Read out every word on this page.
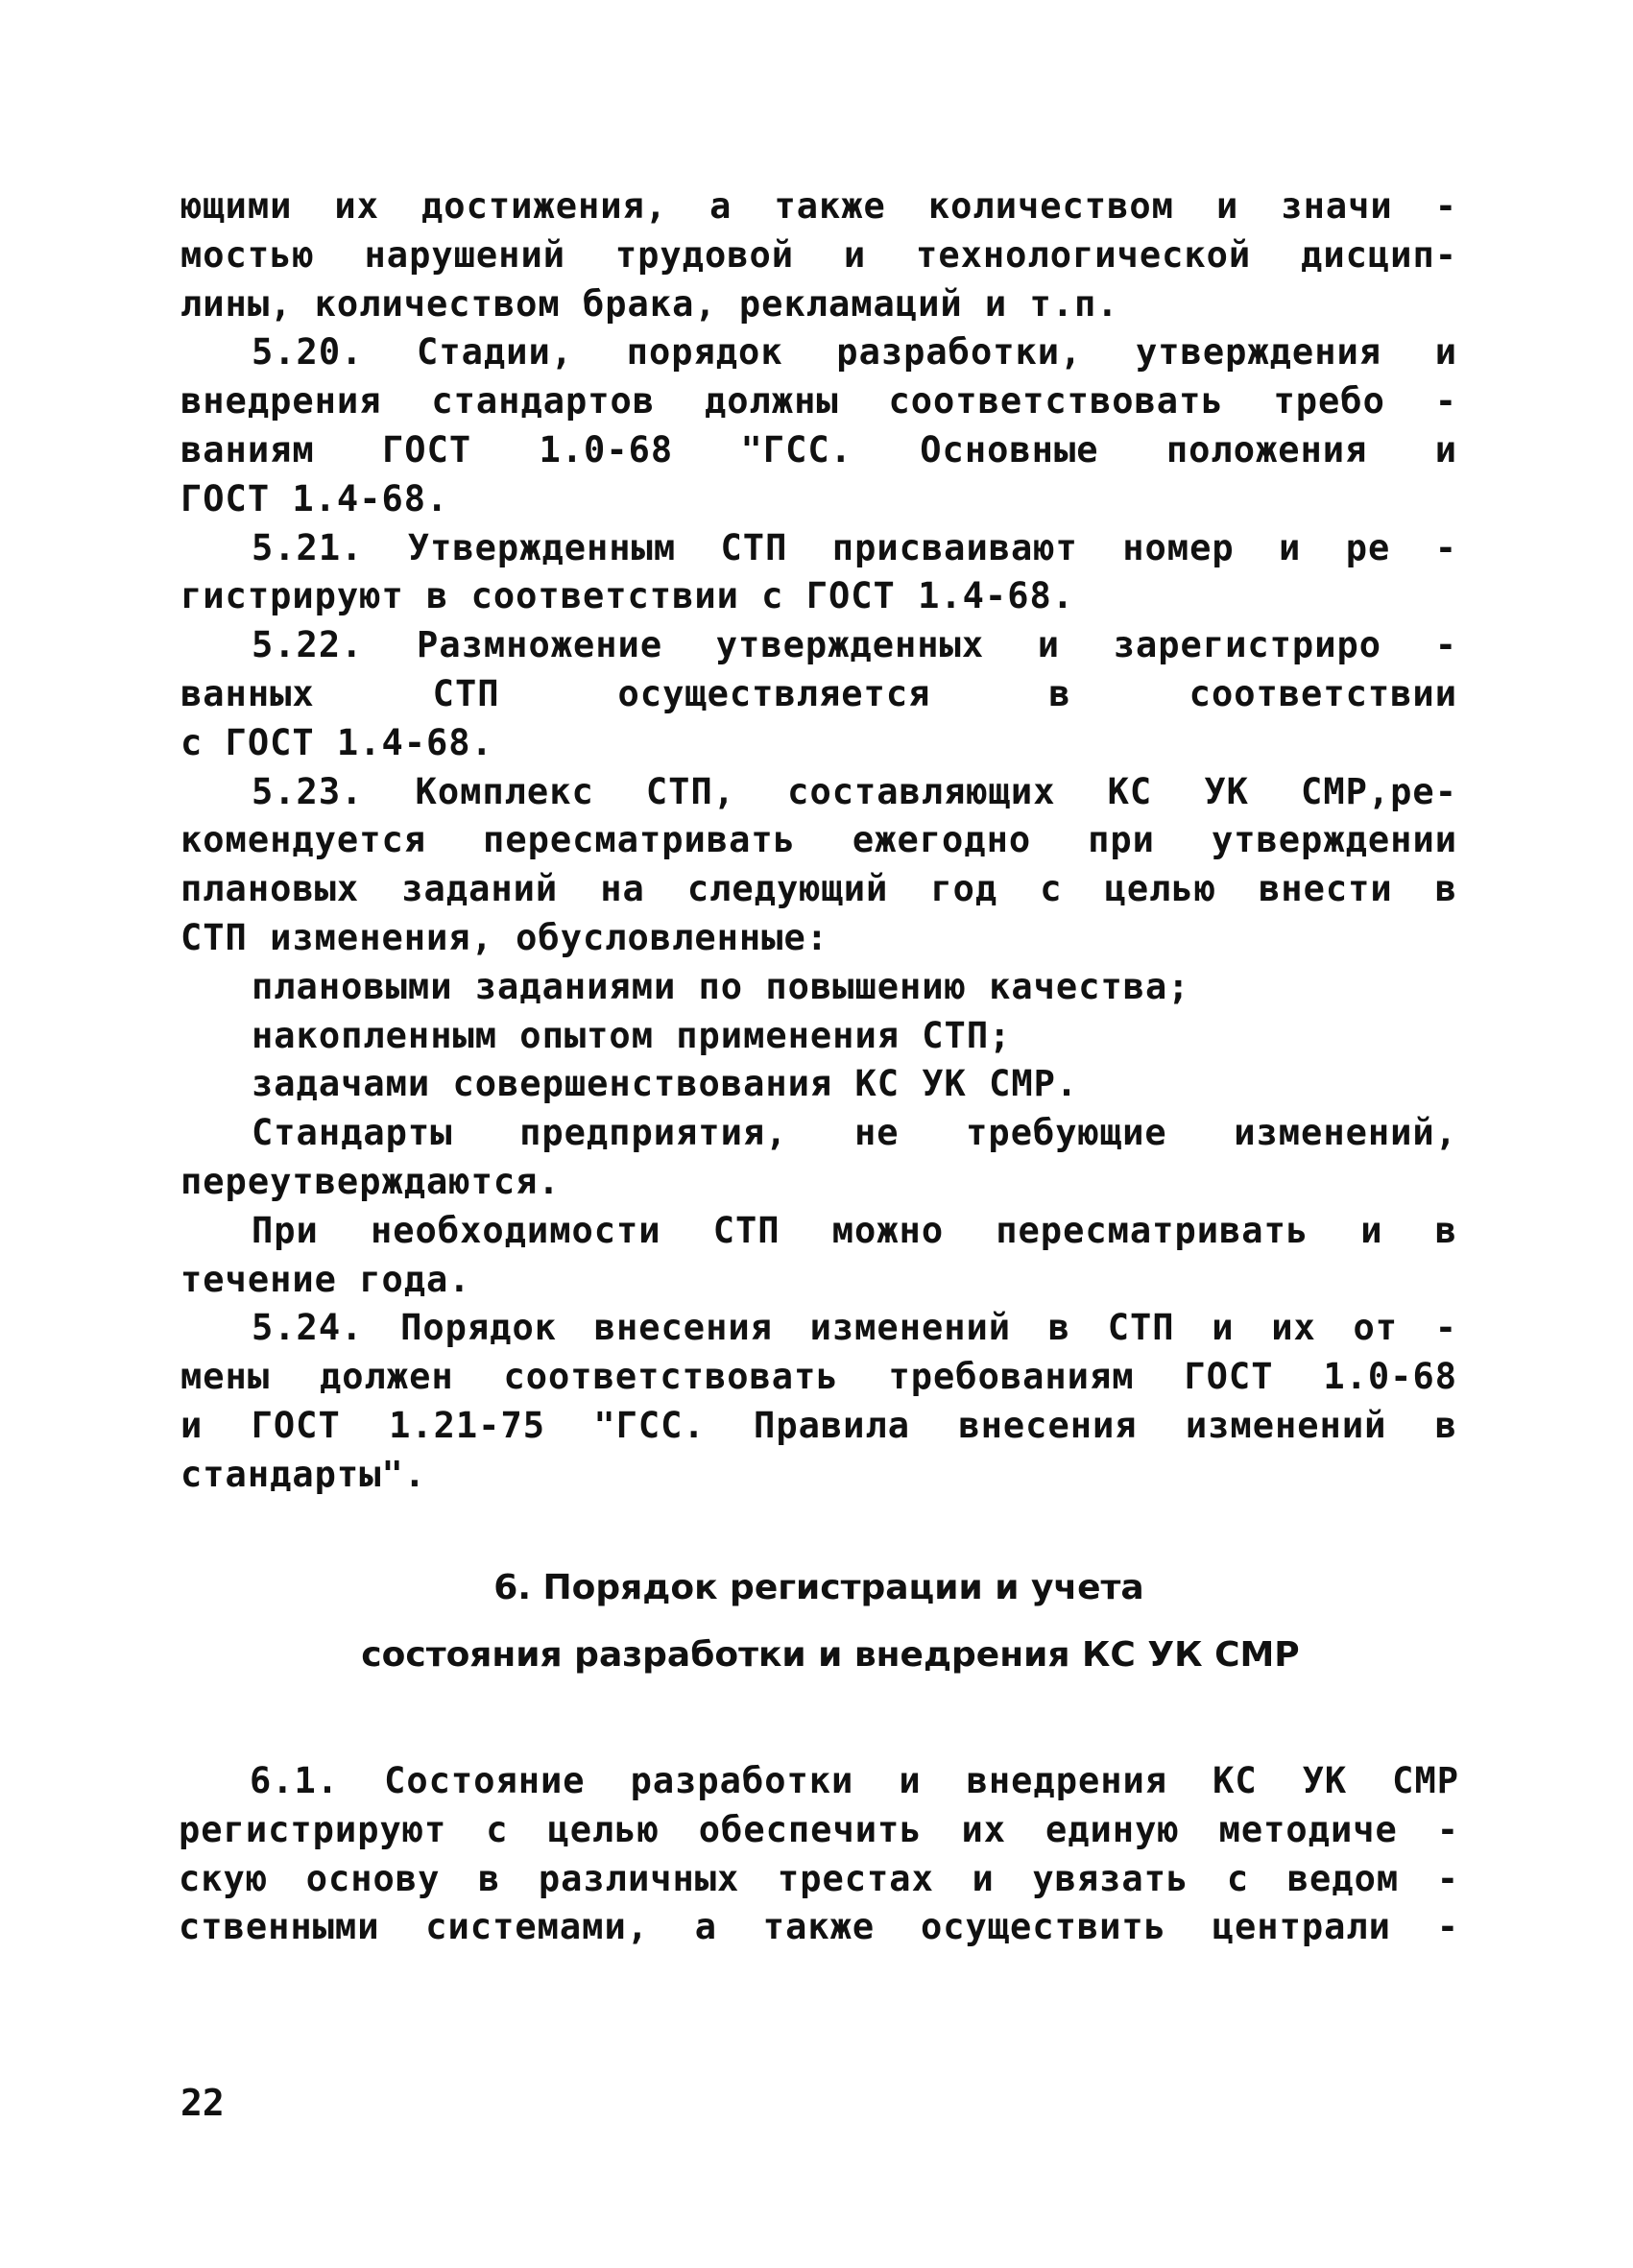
ющими их достижения, а также количеством и значи -
мостью нарушений трудовой и технологической дисцип-
лины, количеством брака, рекламаций и т.п.
5.20. Стадии, порядок разработки, утверждения и
внедрения стандартов должны соответствовать требо -
ваниям ГОСТ 1.0-68 "ГСС. Основные положения и
ГОСТ 1.4-68.
5.21. Утвержденным СТП присваивают номер и ре -
гистрируют в соответствии с ГОСТ 1.4-68.
5.22. Размножение утвержденных и зарегистриро -
ванных СТП осуществляется в соответствии
с ГОСТ 1.4-68.
5.23. Комплекс СТП, составляющих КС УК СМР,ре-
комендуется пересматривать ежегодно при утверждении
плановых заданий на следующий год с целью внести в
СТП изменения, обусловленные:
плановыми заданиями по повышению качества;
накопленным опытом применения СТП;
задачами совершенствования КС УК СМР.
Стандарты предприятия, не требующие изменений,
переутверждаются.
При необходимости СТП можно пересматривать и в
течение года.
5.24. Порядок внесения изменений в СТП и их от -
мены должен соответствовать требованиям ГОСТ 1.0-68
и ГОСТ 1.21-75 "ГСС. Правила внесения изменений в
стандарты".
6. Порядок регистрации и учета
состояния разработки и внедрения КС УК СМР
6.1. Состояние разработки и внедрения КС УК СМР
регистрируют с целью обеспечить их единую методиче -
скую основу в различных трестах и увязать с ведом -
ственными системами, а также осуществить централи -
22
